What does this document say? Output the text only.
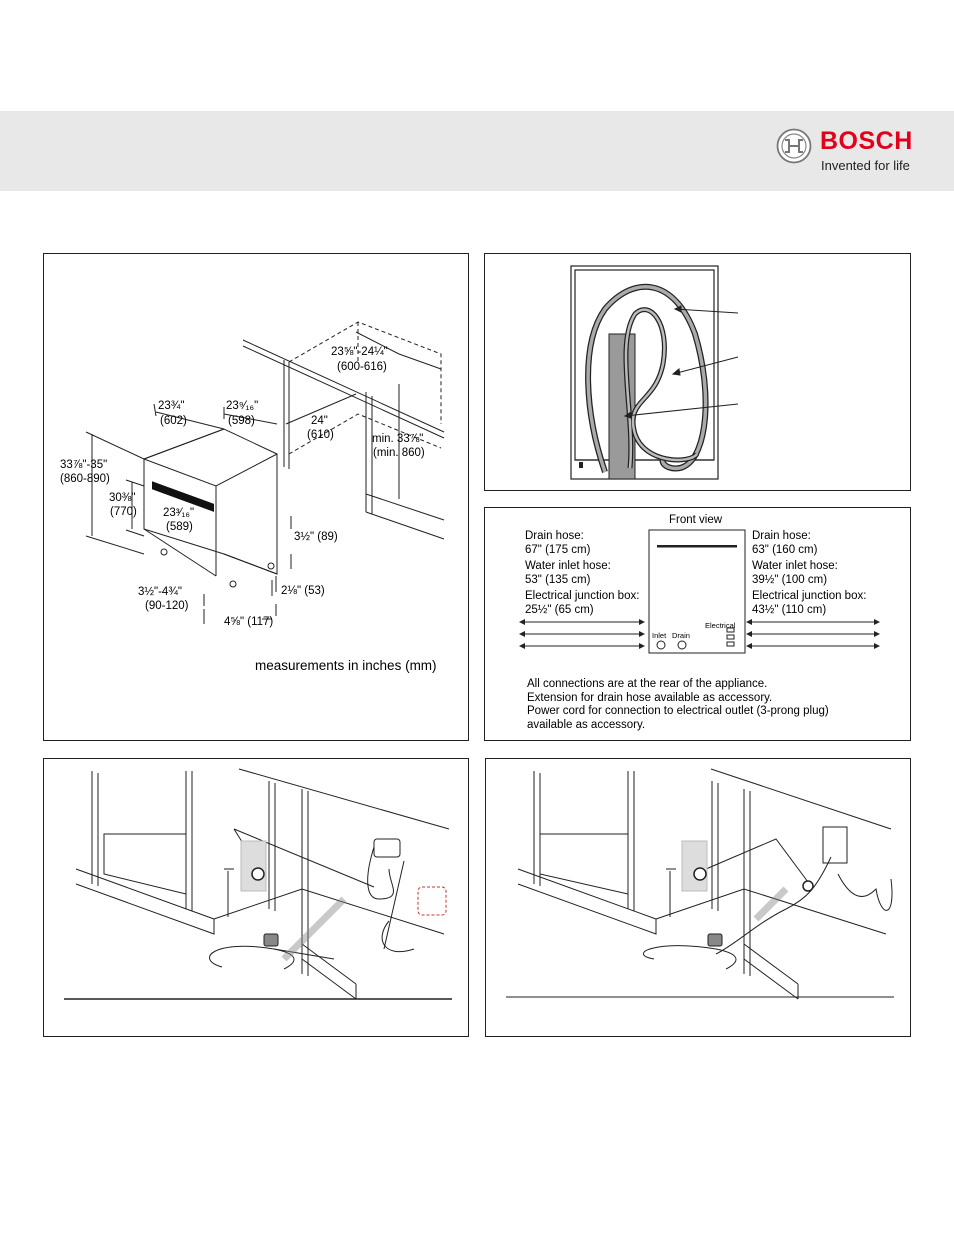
BOSCH
Invented for life
33⅞"-35"
(860-890)
30⅜"
(770)
23¾"
(602)
23⁹⁄₁₆"
(598)
23³⁄₁₆"
(589)
23⅝"-24¼"
(600-616)
24"
(610)	min. 33⅞"
(min. 860)
3½" (89)
3½"-4¾"
(90-120)
2⅛" (53)
4⅝" (117)
measurements in inches (mm)
Front view
Inlet Drain
Electrical
Drain hose:
67" (175 cm)
Water inlet hose:
53" (135 cm)
Electrical junction box:
25½" (65 cm)
Drain hose:
63" (160 cm)
Water inlet hose:
39½" (100 cm)
Electrical junction box:
43½" (110 cm)
All connections are at the rear of the appliance.
Extension for drain hose available as accessory.
Power cord for connection to electrical outlet (3-prong plug)
available as accessory.
